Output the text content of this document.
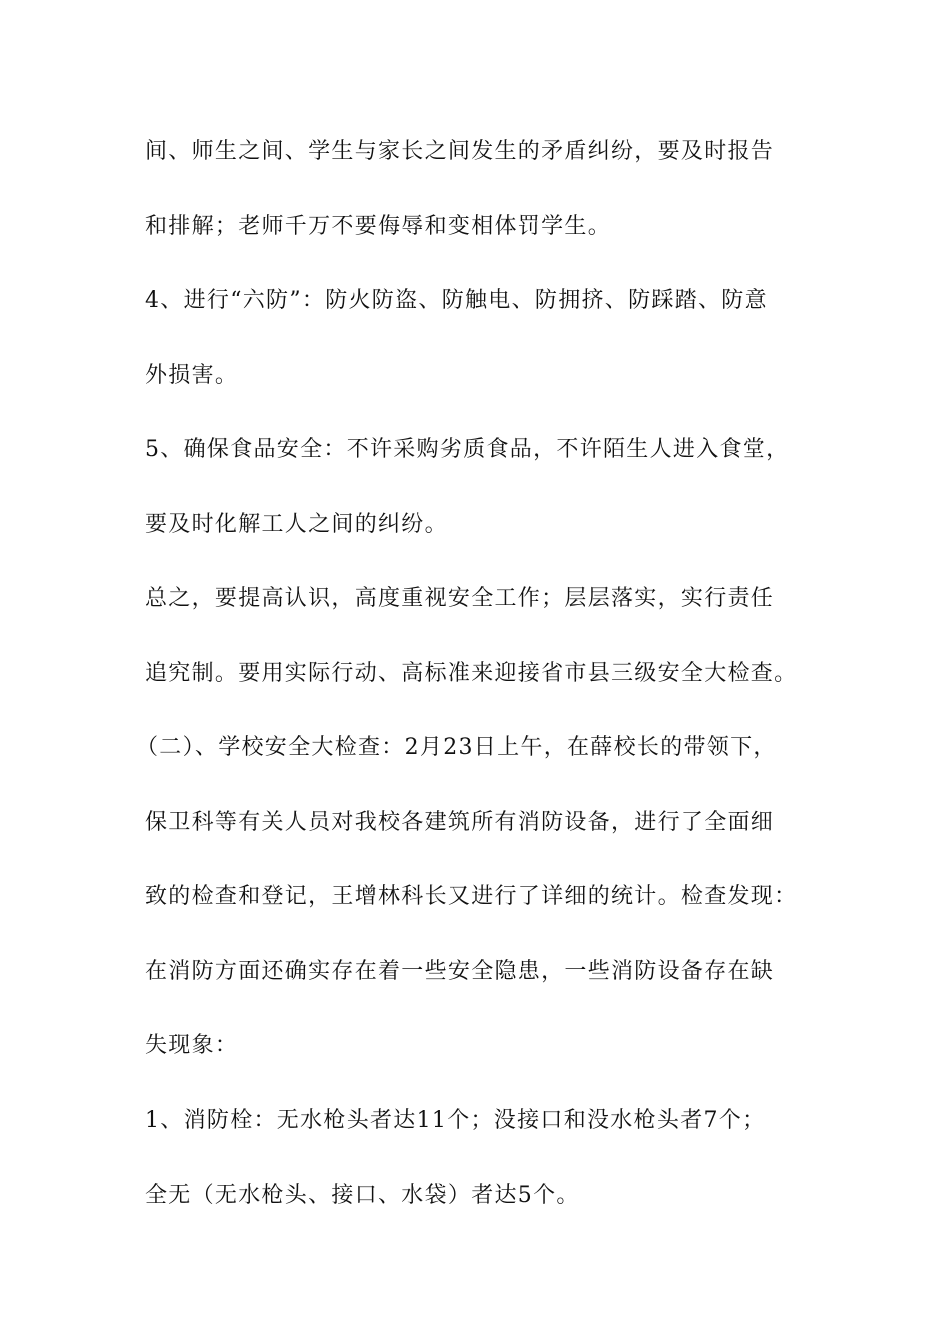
间、师生之间、学生与家长之间发生的矛盾纠纷，要及时报告
和排解；老师千万不要侮辱和变相体罚学生。
4、进行“六防”：防火防盗、防触电、防拥挤、防踩踏、防意
外损害。
5、确保食品安全：不许采购劣质食品，不许陌生人进入食堂，
要及时化解工人之间的纠纷。
总之，要提高认识，高度重视安全工作；层层落实，实行责任
追究制。要用实际行动、高标准来迎接省市县三级安全大检查。
（二）、学校安全大检查：2月23日上午，在薛校长的带领下，
保卫科等有关人员对我校各建筑所有消防设备，进行了全面细
致的检查和登记，王增林科长又进行了详细的统计。检查发现：
在消防方面还确实存在着一些安全隐患，一些消防设备存在缺
失现象：
1、消防栓：无水枪头者达11个；没接口和没水枪头者7个；
全无（无水枪头、接口、水袋）者达5个。
